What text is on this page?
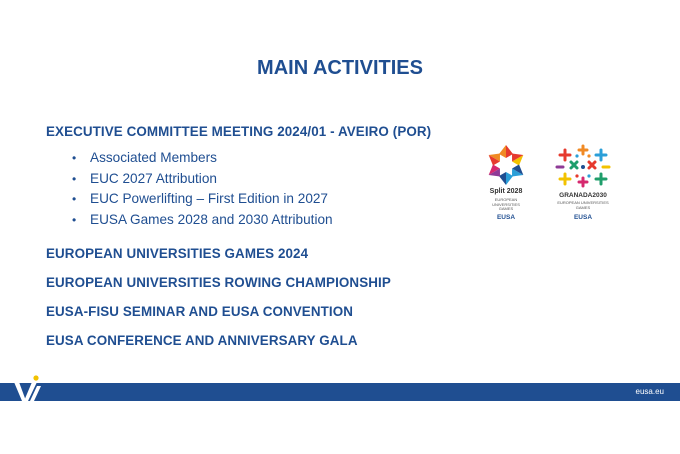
MAIN ACTIVITIES
EXECUTIVE COMMITTEE MEETING 2024/01 - AVEIRO (POR)
• Associated Members
• EUC 2027 Attribution
• EUC Powerlifting – First Edition in 2027
• EUSA Games 2028 and 2030 Attribution
EUROPEAN UNIVERSITIES GAMES 2024
EUROPEAN UNIVERSITIES ROWING CHAMPIONSHIP
EUSA-FISU SEMINAR AND EUSA CONVENTION
EUSA CONFERENCE AND ANNIVERSARY GALA
Split 2028
EUROPEAN
UNIVERSITIES
GAMES
EUSA
GRANADA2030
EUROPEAN UNIVERSITIES
GAMES
EUSA
eusa.eu
